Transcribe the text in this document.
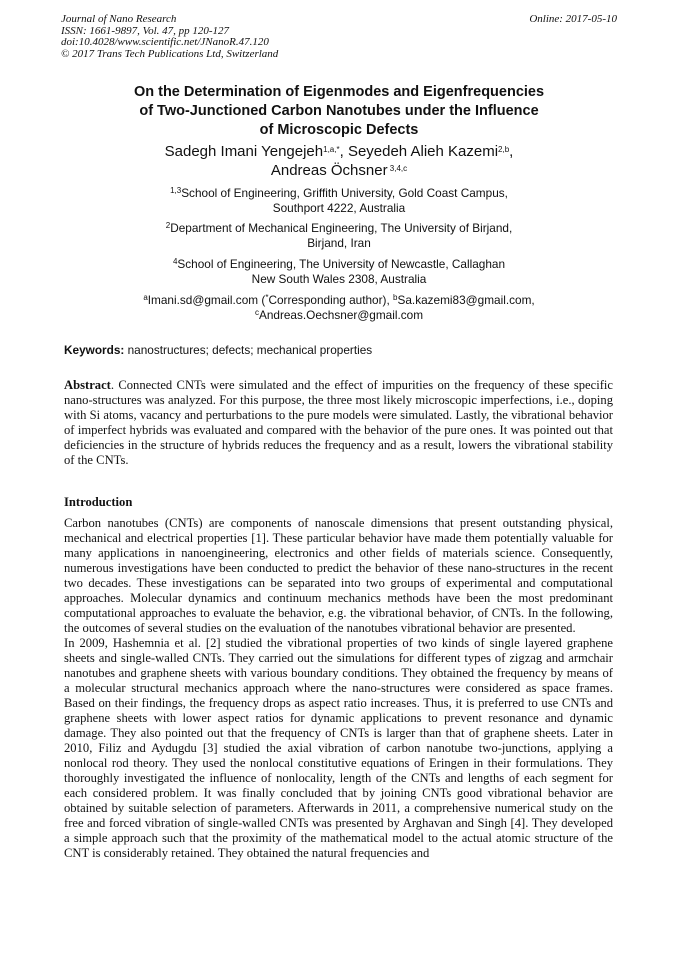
Journal of Nano Research
ISSN: 1661-9897, Vol. 47, pp 120-127
doi:10.4028/www.scientific.net/JNanoR.47.120
© 2017 Trans Tech Publications Ltd, Switzerland
Online: 2017-05-10
On the Determination of Eigenmodes and Eigenfrequencies
of Two-Junctioned Carbon Nanotubes under the Influence
of Microscopic Defects
Sadegh Imani Yengejeh$^{1,a,*}$, Seyedeh Alieh Kazemi$^{2,b}$,
Andreas Öchsner $^{3,4,c}$
$^{1,3}$School of Engineering, Griffith University, Gold Coast Campus,
Southport 4222, Australia
$^2$Department of Mechanical Engineering, The University of Birjand,
Birjand, Iran
$^4$School of Engineering, The University of Newcastle, Callaghan
New South Wales 2308, Australia
$^a$Imani.sd@gmail.com (*Corresponding author), $^b$Sa.kazemi83@gmail.com,
$^c$Andreas.Oechsner@gmail.com
Keywords: nanostructures; defects; mechanical properties

Abstract. Connected CNTs were simulated and the effect of impurities on the frequency of these specific nano-structures was analyzed. For this purpose, the three most likely microscopic imperfections, i.e., doping with Si atoms, vacancy and perturbations to the pure models were simulated. Lastly, the vibrational behavior of imperfect hybrids was evaluated and compared with the behavior of the pure ones. It was pointed out that deficiencies in the structure of hybrids reduces the frequency and as a result, lowers the vibrational stability of the CNTs.

Introduction

Carbon nanotubes (CNTs) are components of nanoscale dimensions that present outstanding physical, mechanical and electrical properties [1]. These particular behavior have made them potentially valuable for many applications in nanoengineering, electronics and other fields of materials science. Consequently, numerous investigations have been conducted to predict the behavior of these nano-structures in the recent two decades. These investigations can be separated into two groups of experimental and computational approaches. Molecular dynamics and continuum mechanics methods have been the most predominant computational approaches to evaluate the behavior, e.g. the vibrational behavior, of CNTs. In the following, the outcomes of several studies on the evaluation of the nanotubes vibrational behavior are presented.

In 2009, Hashemnia et al. [2] studied the vibrational properties of two kinds of single layered graphene sheets and single-walled CNTs. They carried out the simulations for different types of zigzag and armchair nanotubes and graphene sheets with various boundary conditions. They obtained the frequency by means of a molecular structural mechanics approach where the nano-structures were considered as space frames. Based on their findings, the frequency drops as aspect ratio increases. Thus, it is preferred to use CNTs and graphene sheets with lower aspect ratios for dynamic applications to prevent resonance and dynamic damage. They also pointed out that the frequency of CNTs is larger than that of graphene sheets. Later in 2010, Filiz and Aydugdu [3] studied the axial vibration of carbon nanotube two-junctions, applying a nonlocal rod theory. They used the nonlocal constitutive equations of Eringen in their formulations. They thoroughly investigated the influence of nonlocality, length of the CNTs and lengths of each segment for each considered problem. It was finally concluded that by joining CNTs good vibrational behavior are obtained by suitable selection of parameters. Afterwards in 2011, a comprehensive numerical study on the free and forced vibration of single-walled CNTs was presented by Arghavan and Singh [4]. They developed a simple approach such that the proximity of the mathematical model to the actual atomic structure of the CNT is considerably retained. They obtained the natural frequencies and
